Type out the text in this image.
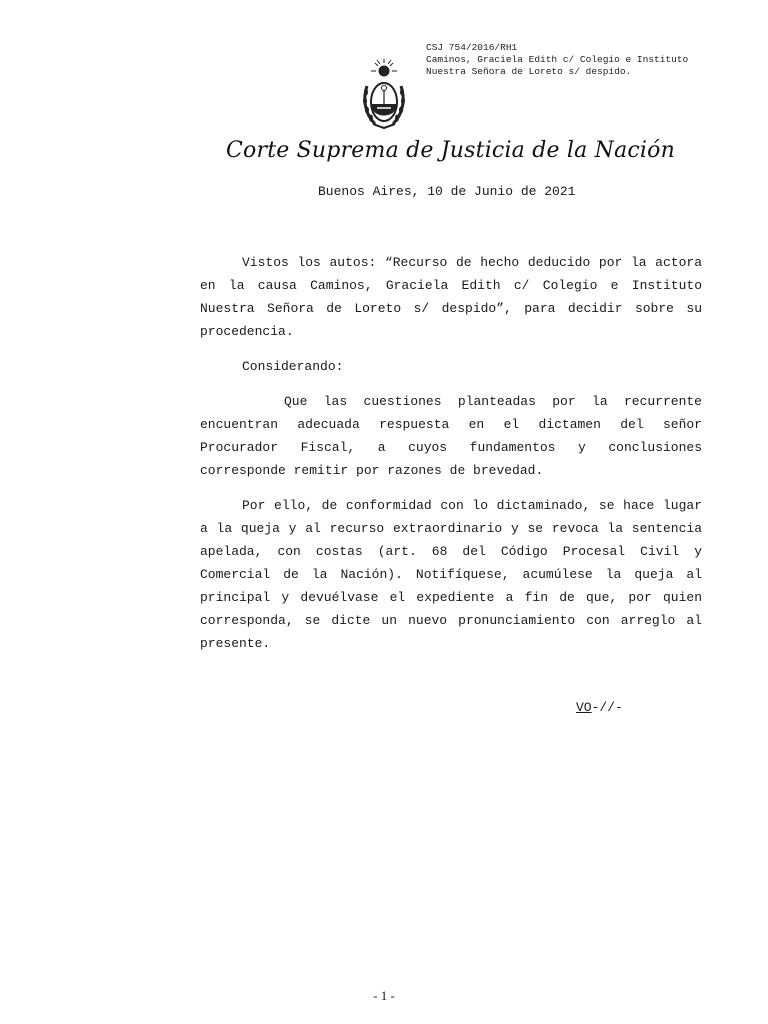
CSJ 754/2016/RH1
Caminos, Graciela Edith c/ Colegio e Instituto
Nuestra Señora de Loreto s/ despido.
Corte Suprema de Justicia de la Nación
Buenos Aires, 10 de Junio de 2021

Vistos los autos: “Recurso de hecho deducido por la actora en la causa Caminos, Graciela Edith c/ Colegio e Instituto Nuestra Señora de Loreto s/ despido”, para decidir sobre su procedencia.

Considerando:

Que las cuestiones planteadas por la recurrente encuentran adecuada respuesta en el dictamen del señor Procurador Fiscal, a cuyos fundamentos y conclusiones corresponde remitir por razones de brevedad.

Por ello, de conformidad con lo dictaminado, se hace lugar a la queja y al recurso extraordinario y se revoca la sentencia apelada, con costas (art. 68 del Código Procesal Civil y Comercial de la Nación). Notifíquese, acumúlese la queja al principal y devuélvase el expediente a fin de que, por quien corresponda, se dicte un nuevo pronunciamiento con arreglo al presente.

VO-//-
- 1 -
